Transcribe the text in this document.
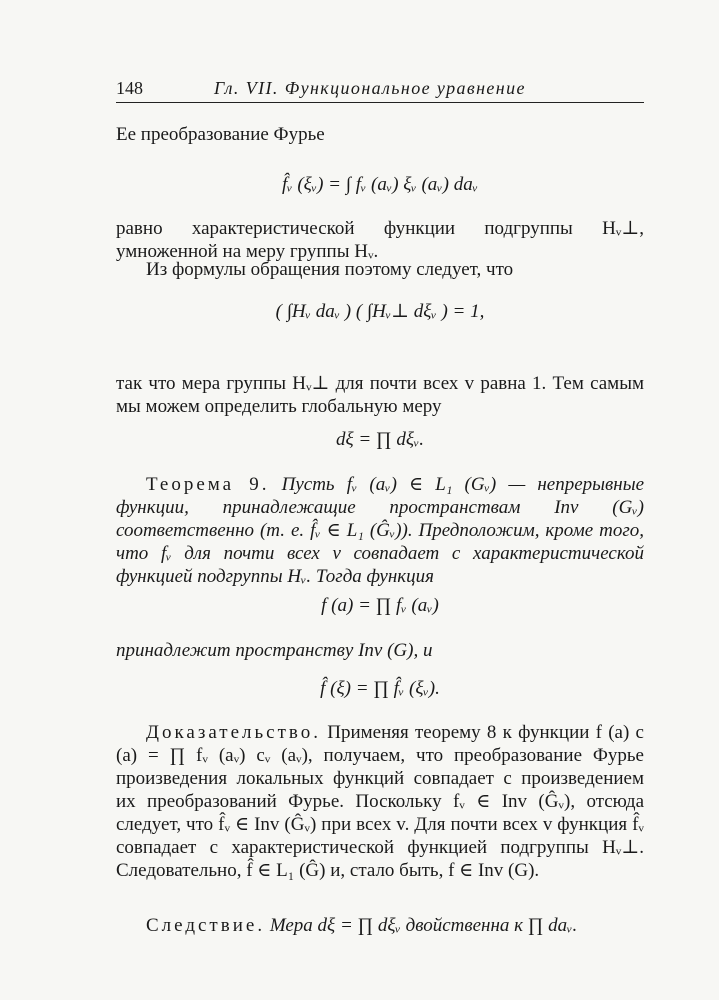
148	Гл. VII. Функциональное уравнение

Ее преобразование Фурье

f̂ᵥ (ξᵥ) = ∫ fᵥ (aᵥ) ξᵥ (aᵥ) daᵥ

равно характеристической функции подгруппы Hᵥ⊥, умноженной на меру группы Hᵥ.

Из формулы обращения поэтому следует, что

( ∫Hᵥ daᵥ ) ( ∫Hᵥ⊥ dξᵥ ) = 1,

так что мера группы Hᵥ⊥ для почти всех v равна 1. Тем самым мы можем определить глобальную меру

dξ = ∏ dξᵥ.

Теорема 9. Пусть fᵥ (aᵥ) ∈ L₁ (Gᵥ) — непрерывные функции, принадлежащие пространствам Inv (Gᵥ) соответственно (т. е. f̂ᵥ ∈ L₁ (Ĝᵥ)). Предположим, кроме того, что fᵥ для почти всех v совпадает с характеристической функцией подгруппы Hᵥ. Тогда функция

f (a) = ∏ fᵥ (aᵥ)

принадлежит пространству Inv (G), и

f̂ (ξ) = ∏ f̂ᵥ (ξᵥ).

Доказательство. Применяя теорему 8 к функции f (a) c (a) = ∏ fᵥ (aᵥ) cᵥ (aᵥ), получаем, что преобразование Фурье произведения локальных функций совпадает с произведением их преобразований Фурье. Поскольку fᵥ ∈ Inv (Ĝᵥ), отсюда следует, что f̂ᵥ ∈ Inv (Ĝᵥ) при всех v. Для почти всех v функция f̂ᵥ совпадает с характеристической функцией подгруппы Hᵥ⊥. Следовательно, f̂ ∈ L₁ (Ĝ) и, стало быть, f ∈ Inv (G).

Следствие. Мера dξ = ∏ dξᵥ двойственна к ∏ daᵥ.
